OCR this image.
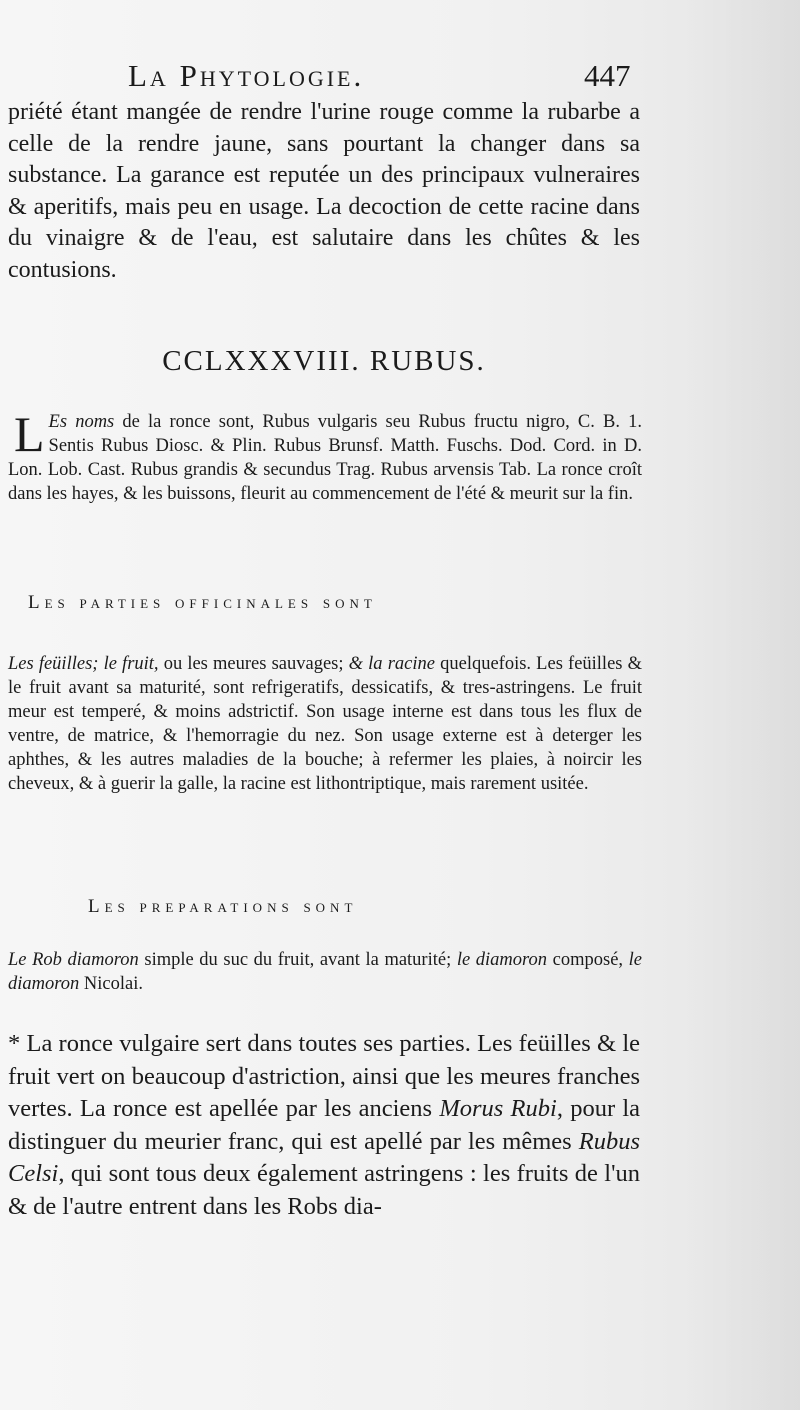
La Phytologie.	447

priété étant mangée de rendre l'urine rouge comme la rubarbe a celle de la rendre jaune, sans pourtant la changer dans sa substance. La garance est reputée un des principaux vulneraires & aperitifs, mais peu en usage. La decoction de cette racine dans du vinaigre & de l'eau, est salutaire dans les chûtes & les contusions.

CCLXXXVIII. RUBUS.

L Es noms de la ronce sont, Rubus vulgaris seu Rubus fructu nigro, C. B. 1. Sentis Rubus Diosc. & Plin. Rubus Brunsf. Matth. Fuschs. Dod. Cord. in D. Lon. Lob. Cast. Rubus grandis & secundus Trag. Rubus arvensis Tab. La ronce croît dans les hayes, & les buissons, fleurit au commencement de l'été & meurit sur la fin.

Les parties officinales sont

Les feüilles; le fruit, ou les meures sauvages; & la racine quelquefois. Les feüilles & le fruit avant sa maturité, sont refrigeratifs, dessicatifs, & tres-astringens. Le fruit meur est temperé, & moins adstrictif. Son usage interne est dans tous les flux de ventre, de matrice, & l'hemorragie du nez. Son usage externe est à deterger les aphthes, & les autres maladies de la bouche; à refermer les plaies, à noircir les cheveux, & à guerir la galle, la racine est lithontriptique, mais rarement usitée.

Les preparations sont

Le Rob diamoron simple du suc du fruit, avant la maturité; le diamoron composé, le diamoron Nicolai.

* La ronce vulgaire sert dans toutes ses parties. Les feüilles & le fruit vert on beaucoup d'astriction, ainsi que les meures franches vertes. La ronce est apellée par les anciens Morus Rubi, pour la distinguer du meurier franc, qui est apellé par les mêmes Rubus Celsi, qui sont tous deux également astringens : les fruits de l'un & de l'autre entrent dans les Robs dia-
